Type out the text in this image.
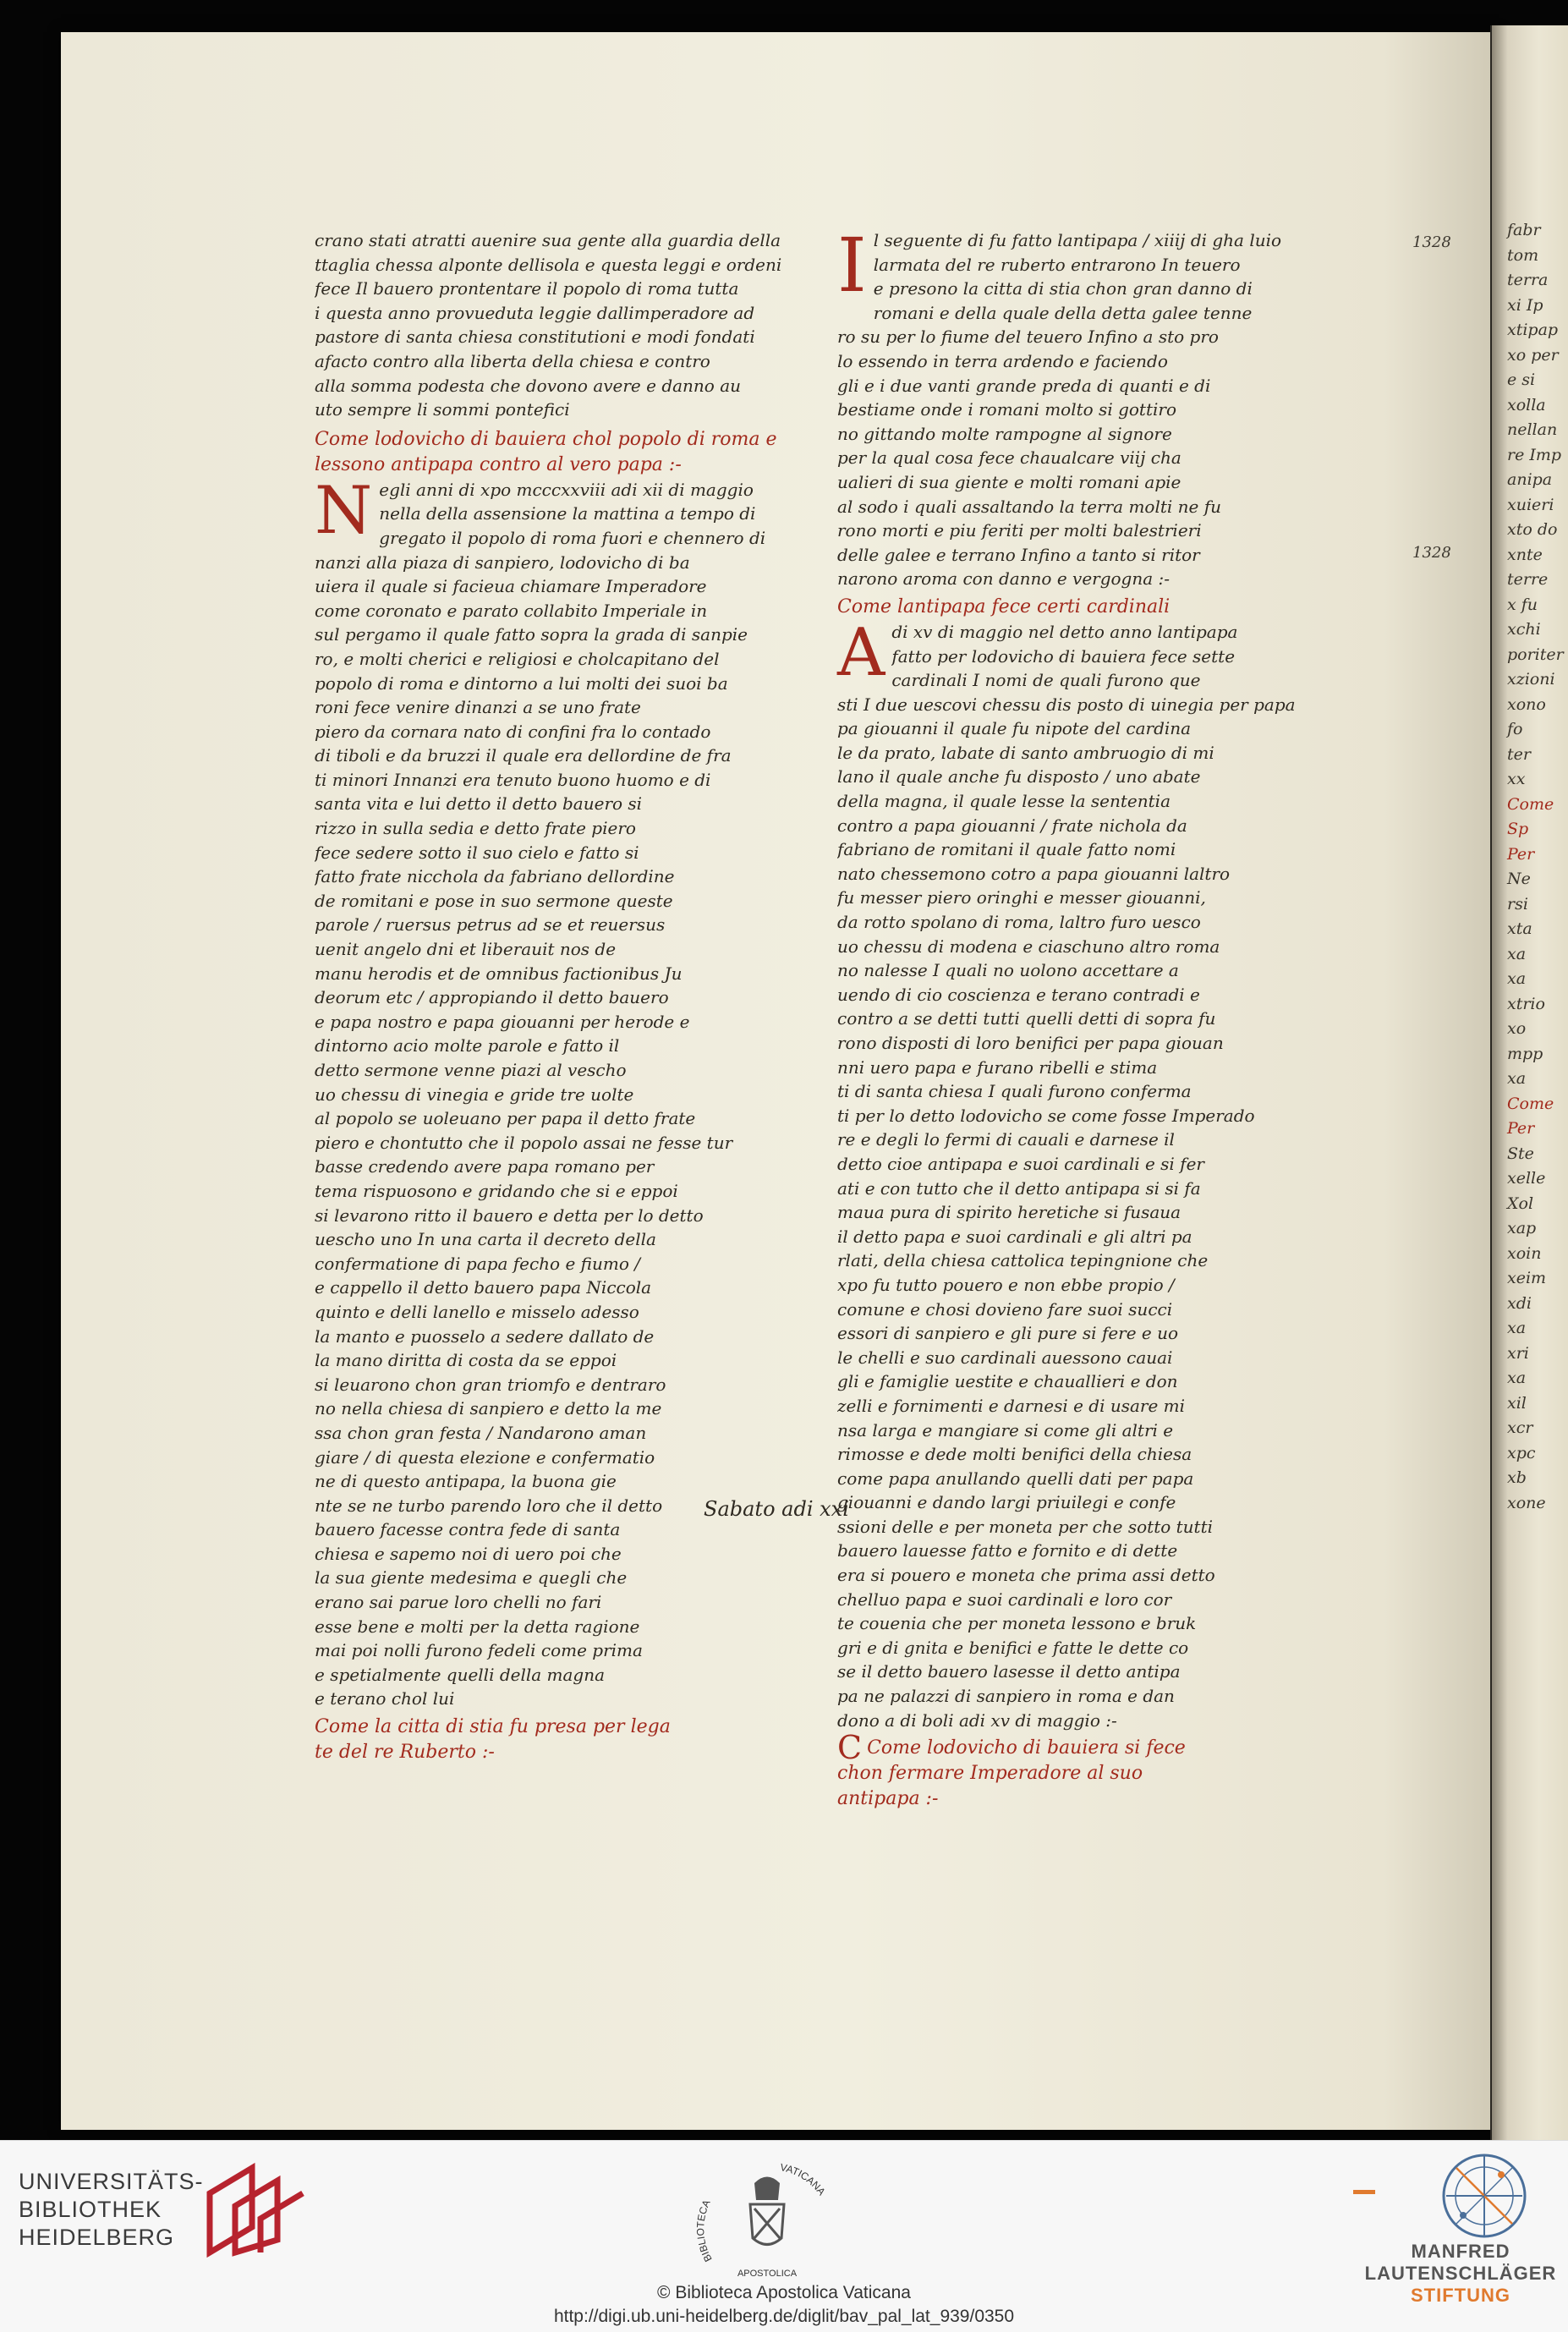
crano stati atratti auenire sua gente alla guardia della
ttaglia chessa alponte dellisola e questa leggi e ordeni
fece Il bauero prontentare il popolo di roma tutta
i questa anno provueduta leggie dallimperadore ad
pastore di santa chiesa constitutioni e modi fondati
afacto contro alla liberta della chiesa e contro
alla somma podesta che dovono avere e danno au
uto sempre li sommi pontefici
Come lodovicho di bauiera chol popolo di roma e
lessono antipapa contro al vero papa :-
N egli anni di xpo mcccxxviii adi xii di maggio
nella della assensione la mattina a tempo di
gregato il popolo di roma fuori e chennero di
nanzi alla piaza di sanpiero, lodovicho di ba
uiera il quale si facieua chiamare Imperadore
come coronato e parato collabito Imperiale in
sul pergamo il quale fatto sopra la grada di sanpie
ro, e molti cherici e religiosi e cholcapitano del
popolo di roma e dintorno a lui molti dei suoi ba
roni fece venire dinanzi a se uno frate
piero da cornara nato di confini fra lo contado
di tiboli e da bruzzi il quale era dellordine de fra
ti minori Innanzi era tenuto buono huomo e di
santa vita e lui detto il detto bauero si
rizzo in sulla sedia e detto frate piero
fece sedere sotto il suo cielo e fatto si
fatto frate nicchola da fabriano dellordine
de romitani e pose in suo sermone queste
parole / ruersus petrus ad se et reuersus
uenit angelo dni et liberauit nos de
manu herodis et de omnibus factionibus Ju
deorum etc / appropiando il detto bauero
e papa nostro e papa giouanni per herode e
dintorno acio molte parole e fatto il
detto sermone venne piazi al vescho
uo chessu di vinegia e gride tre uolte
al popolo se uoleuano per papa il detto frate
piero e chontutto che il popolo assai ne fesse tur
basse credendo avere papa romano per
tema rispuosono e gridando che si e eppoi
si levarono ritto il bauero e detta per lo detto
uescho uno In una carta il decreto della
confermatione di papa fecho e fiumo /
e cappello il detto bauero papa Niccola
quinto e delli lanello e misselo adesso
la manto e puosselo a sedere dallato de
la mano diritta di costa da se eppoi
si leuarono chon gran triomfo e dentraro
no nella chiesa di sanpiero e detto la me
ssa chon gran festa / Nandarono aman
giare / di questa elezione e confermatio
ne di questo antipapa, la buona gie
nte se ne turbo parendo loro che il detto
bauero facesse contra fede di santa
chiesa e sapemo noi di uero poi che
la sua giente medesima e quegli che
erano sai parue loro chelli no fari
esse bene e molti per la detta ragione
mai poi nolli furono fedeli come prima
e spetialmente quelli della magna
e terano chol lui
Come la citta di stia fu presa per lega
te del re Ruberto :-
I l seguente di fu fatto lantipapa / xiiij di gha luio
larmata del re ruberto entrarono In teuero
e presono la citta di stia chon gran danno di
romani e della quale della detta galee tenne
ro su per lo fiume del teuero Infino a sto pro
lo essendo in terra ardendo e faciendo
gli e i due vanti grande preda di quanti e di
bestiame onde i romani molto si gottiro
no gittando molte rampogne al signore
per la qual cosa fece chaualcare viij cha
ualieri di sua giente e molti romani apie
al sodo i quali assaltando la terra molti ne fu
rono morti e piu feriti per molti balestrieri
delle galee e terrano Infino a tanto si ritor
narono aroma con danno e vergogna :-
Come lantipapa fece certi cardinali
A di xv di maggio nel detto anno lantipapa
fatto per lodovicho di bauiera fece sette
cardinali I nomi de quali furono que
sti I due uescovi chessu dis posto di uinegia per papa
pa giouanni il quale fu nipote del cardina
le da prato, labate di santo ambruogio di mi
lano il quale anche fu disposto / uno abate
della magna, il quale lesse la sententia
contro a papa giouanni / frate nichola da
fabriano de romitani il quale fatto nomi
nato chessemono cotro a papa giouanni laltro
fu messer piero oringhi e messer giouanni,
da rotto spolano di roma, laltro furo uesco
uo chessu di modena e ciaschuno altro roma
no nalesse I quali no uolono accettare a
uendo di cio coscienza e terano contradi e
contro a se detti tutti quelli detti di sopra fu
rono disposti di loro benifici per papa giouan
nni uero papa e furano ribelli e stima
ti di santa chiesa I quali furono conferma
ti per lo detto lodovicho se come fosse Imperado
re e degli lo fermi di cauali e darnese il
detto cioe antipapa e suoi cardinali e si fer
ati e con tutto che il detto antipapa si si fa
maua pura di spirito heretiche si fusaua
il detto papa e suoi cardinali e gli altri pa
rlati, della chiesa cattolica tepingnione che
xpo fu tutto pouero e non ebbe propio /
comune e chosi dovieno fare suoi succi
essori di sanpiero e gli pure si fere e uo
le chelli e suo cardinali auessono cauai
gli e famiglie uestite e chauallieri e don
zelli e fornimenti e darnesi e di usare mi
nsa larga e mangiare si come gli altri e
rimosse e dede molti benifici della chiesa
come papa anullando quelli dati per papa
giouanni e dando largi priuilegi e confe
ssioni delle e per moneta per che sotto tutti
bauero lauesse fatto e fornito e di dette
era si pouero e moneta che prima assi detto
chelluo papa e suoi cardinali e loro cor
te couenia che per moneta lessono e bruk
gri e di gnita e benifici e fatte le dette co
se il detto bauero lasesse il detto antipa
pa ne palazzi di sanpiero in roma e dan
dono a di boli adi xv di maggio :-
C Come lodovicho di bauiera si fece
chon fermare Imperadore al suo
antipapa :-
1328
1328
Sabato adi xxi
fabr
tom
terra
xi Ip
xtipap
xo per
e si
xolla
nellan
re Imp
anipa
xuieri
xto do
xnte
terre
x fu
xchi
poriter
xzioni
xono
fo
ter
xx
Come
Sp
Per
Ne
rsi
xta
xa
xa
xtrio
xo
mpp
xa
Come
Per
Ste
xelle
Xol
xap
xoin
xeim
xdi
xa
xri
xa
xil
xcr
xpc
xb
xone
UNIVERSITÄTS-
BIBLIOTHEK
HEIDELBERG
BIBLIOTECA
VATICANA
APOSTOLICA
MANFRED
LAUTENSCHLÄGER
STIFTUNG
© Biblioteca Apostolica Vaticana
http://digi.ub.uni-heidelberg.de/diglit/bav_pal_lat_939/0350
